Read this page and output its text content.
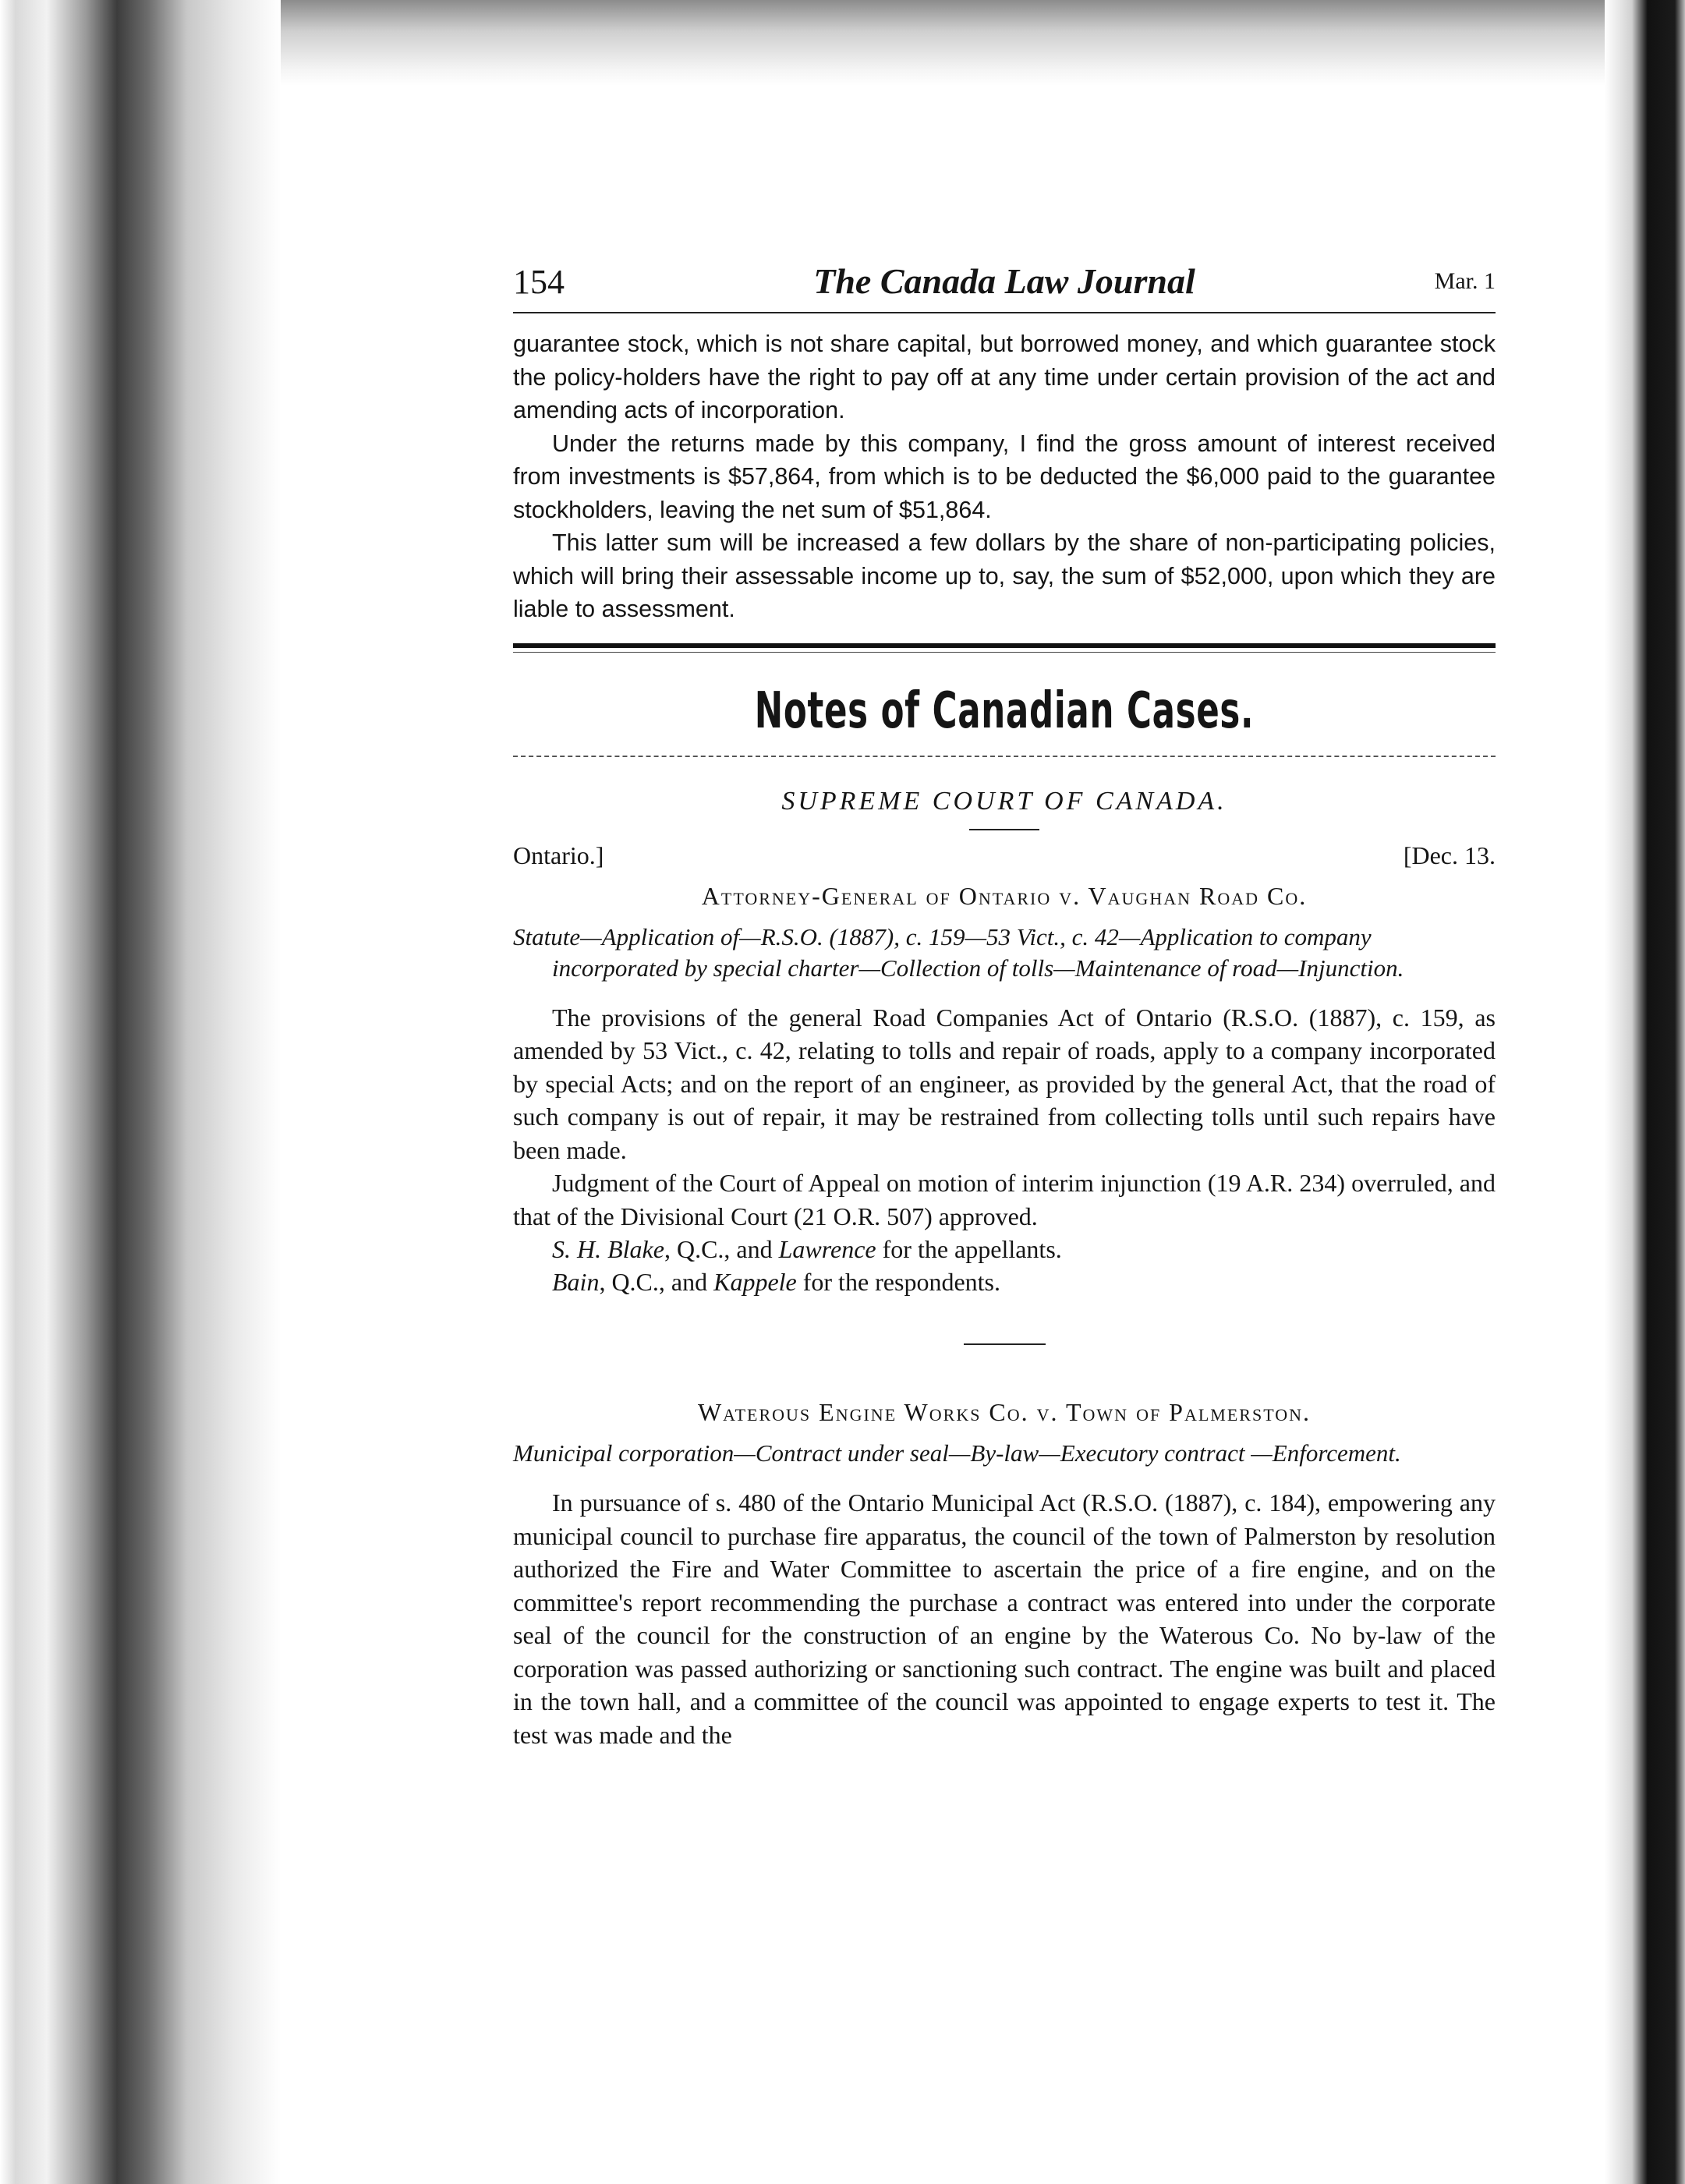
154	The Canada Law Journal	Mar. 1

guarantee stock, which is not share capital, but borrowed money, and which guarantee stock the policy-holders have the right to pay off at any time under certain provision of the act and amending acts of incorporation.

Under the returns made by this company, I find the gross amount of interest received from investments is $57,864, from which is to be deducted the $6,000 paid to the guarantee stockholders, leaving the net sum of $51,864.

This latter sum will be increased a few dollars by the share of non-participating policies, which will bring their assessable income up to, say, the sum of $52,000, upon which they are liable to assessment.

Notes of Canadian Cases.
SUPREME COURT OF CANADA.
Ontario.]	[Dec. 13.
Attorney-General of Ontario v. Vaughan Road Co.

Statute—Application of—R.S.O. (1887), c. 159—53 Vict., c. 42—Application to company incorporated by special charter—Collection of tolls—Maintenance of road—Injunction.

The provisions of the general Road Companies Act of Ontario (R.S.O. (1887), c. 159, as amended by 53 Vict., c. 42, relating to tolls and repair of roads, apply to a company incorporated by special Acts; and on the report of an engineer, as provided by the general Act, that the road of such company is out of repair, it may be restrained from collecting tolls until such repairs have been made.

Judgment of the Court of Appeal on motion of interim injunction (19 A.R. 234) overruled, and that of the Divisional Court (21 O.R. 507) approved.

S. H. Blake, Q.C., and Lawrence for the appellants.

Bain, Q.C., and Kappele for the respondents.

Waterous Engine Works Co. v. Town of Palmerston.

Municipal corporation—Contract under seal—By-law—Executory contract —Enforcement.

In pursuance of s. 480 of the Ontario Municipal Act (R.S.O. (1887), c. 184), empowering any municipal council to purchase fire apparatus, the council of the town of Palmerston by resolution authorized the Fire and Water Committee to ascertain the price of a fire engine, and on the committee's report recommending the purchase a contract was entered into under the corporate seal of the council for the construction of an engine by the Waterous Co. No by-law of the corporation was passed authorizing or sanctioning such contract. The engine was built and placed in the town hall, and a committee of the council was appointed to engage experts to test it. The test was made and the
